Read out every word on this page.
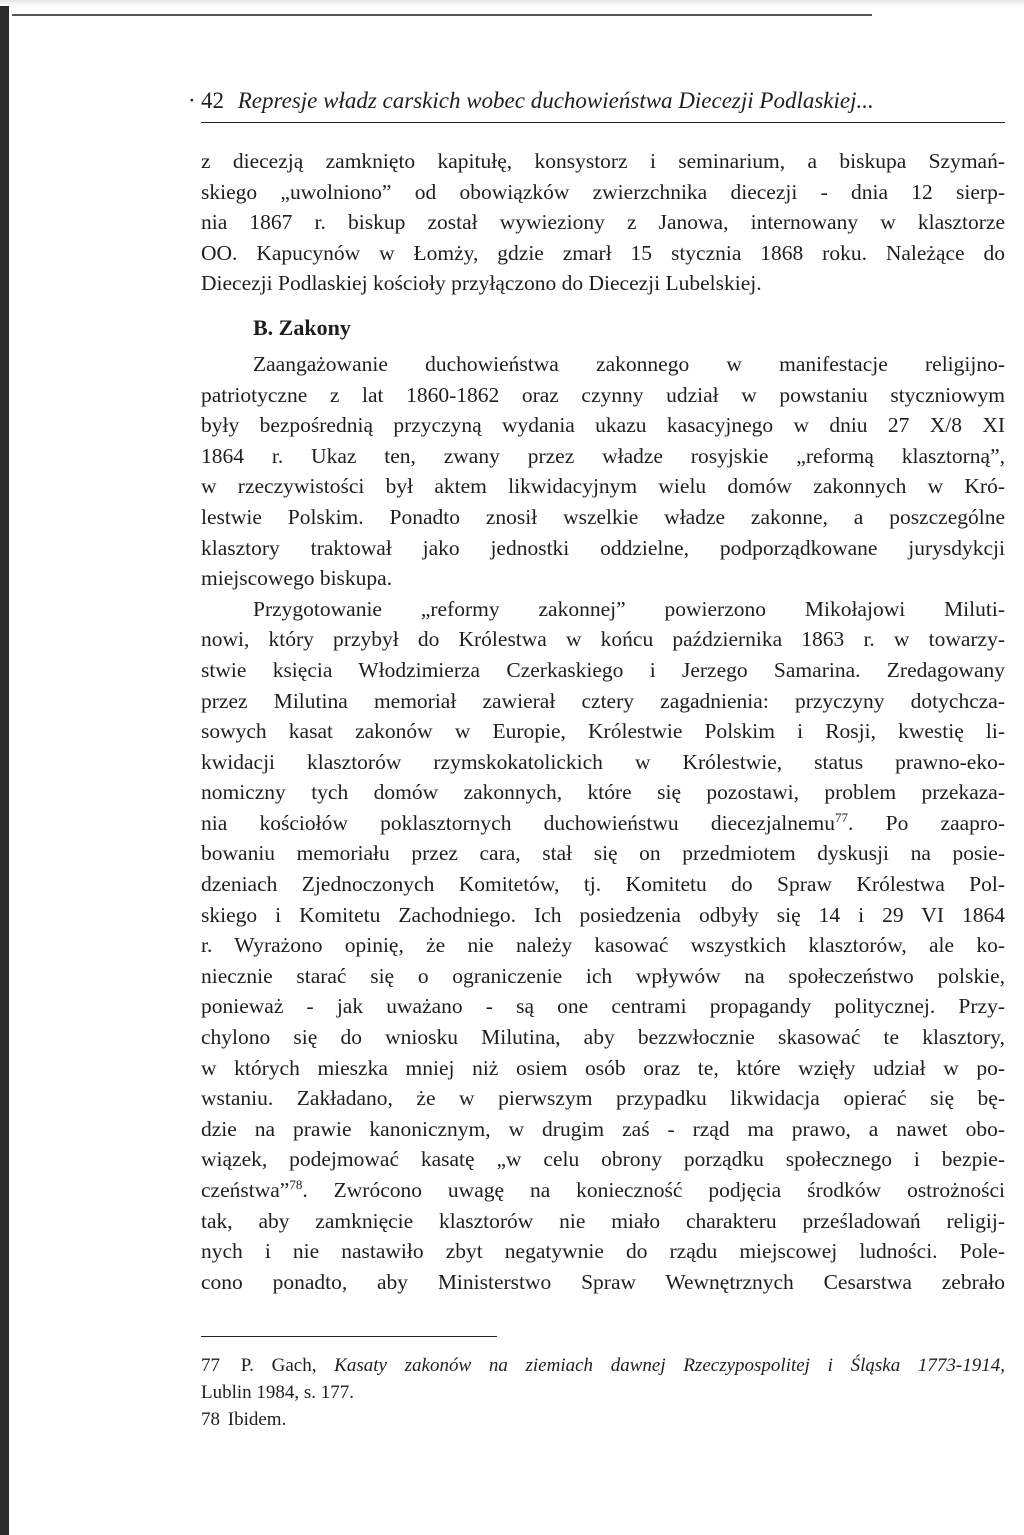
· 42 Represje władz carskich wobec duchowieństwa Diecezji Podlaskiej...
z diecezją zamknięto kapitułę, konsystorz i seminarium, a biskupa Szymań-
skiego „uwolniono” od obowiązków zwierzchnika diecezji - dnia 12 sierp-
nia 1867 r. biskup został wywieziony z Janowa, internowany w klasztorze
OO. Kapucynów w Łomży, gdzie zmarł 15 stycznia 1868 roku. Należące do
Diecezji Podlaskiej kościoły przyłączono do Diecezji Lubelskiej.
B. Zakony
Zaangażowanie duchowieństwa zakonnego w manifestacje religijno-
patriotyczne z lat 1860-1862 oraz czynny udział w powstaniu styczniowym
były bezpośrednią przyczyną wydania ukazu kasacyjnego w dniu 27 X/8 XI
1864 r. Ukaz ten, zwany przez władze rosyjskie „reformą klasztorną”,
w rzeczywistości był aktem likwidacyjnym wielu domów zakonnych w Kró-
lestwie Polskim. Ponadto znosił wszelkie władze zakonne, a poszczególne
klasztory traktował jako jednostki oddzielne, podporządkowane jurysdykcji
miejscowego biskupa.
Przygotowanie „reformy zakonnej” powierzono Mikołajowi Miluti-
nowi, który przybył do Królestwa w końcu października 1863 r. w towarzy-
stwie księcia Włodzimierza Czerkaskiego i Jerzego Samarina. Zredagowany
przez Milutina memoriał zawierał cztery zagadnienia: przyczyny dotychcza-
sowych kasat zakonów w Europie, Królestwie Polskim i Rosji, kwestię li-
kwidacji klasztorów rzymskokatolickich w Królestwie, status prawno-eko-
nomiczny tych domów zakonnych, które się pozostawi, problem przekaza-
nia kościołów poklasztornych duchowieństwu diecezjalnemu$^{77}$. Po zaapro-
bowaniu memoriału przez cara, stał się on przedmiotem dyskusji na posie-
dzeniach Zjednoczonych Komitetów, tj. Komitetu do Spraw Królestwa Pol-
skiego i Komitetu Zachodniego. Ich posiedzenia odbyły się 14 i 29 VI 1864
r. Wyrażono opinię, że nie należy kasować wszystkich klasztorów, ale ko-
niecznie starać się o ograniczenie ich wpływów na społeczeństwo polskie,
ponieważ - jak uważano - są one centrami propagandy politycznej. Przy-
chylono się do wniosku Milutina, aby bezzwłocznie skasować te klasztory,
w których mieszka mniej niż osiem osób oraz te, które wzięły udział w po-
wstaniu. Zakładano, że w pierwszym przypadku likwidacja opierać się bę-
dzie na prawie kanonicznym, w drugim zaś - rząd ma prawo, a nawet obo-
wiązek, podejmować kasatę „w celu obrony porządku społecznego i bezpie-
czeństwa”$^{78}$. Zwrócono uwagę na konieczność podjęcia środków ostrożności
tak, aby zamknięcie klasztorów nie miało charakteru prześladowań religij-
nych i nie nastawiło zbyt negatywnie do rządu miejscowej ludności. Pole-
cono ponadto, aby Ministerstwo Spraw Wewnętrznych Cesarstwa zebrało
77 P. Gach, Kasaty zakonów na ziemiach dawnej Rzeczypospolitej i Śląska 1773-1914,
Lublin 1984, s. 177.
78 Ibidem.
